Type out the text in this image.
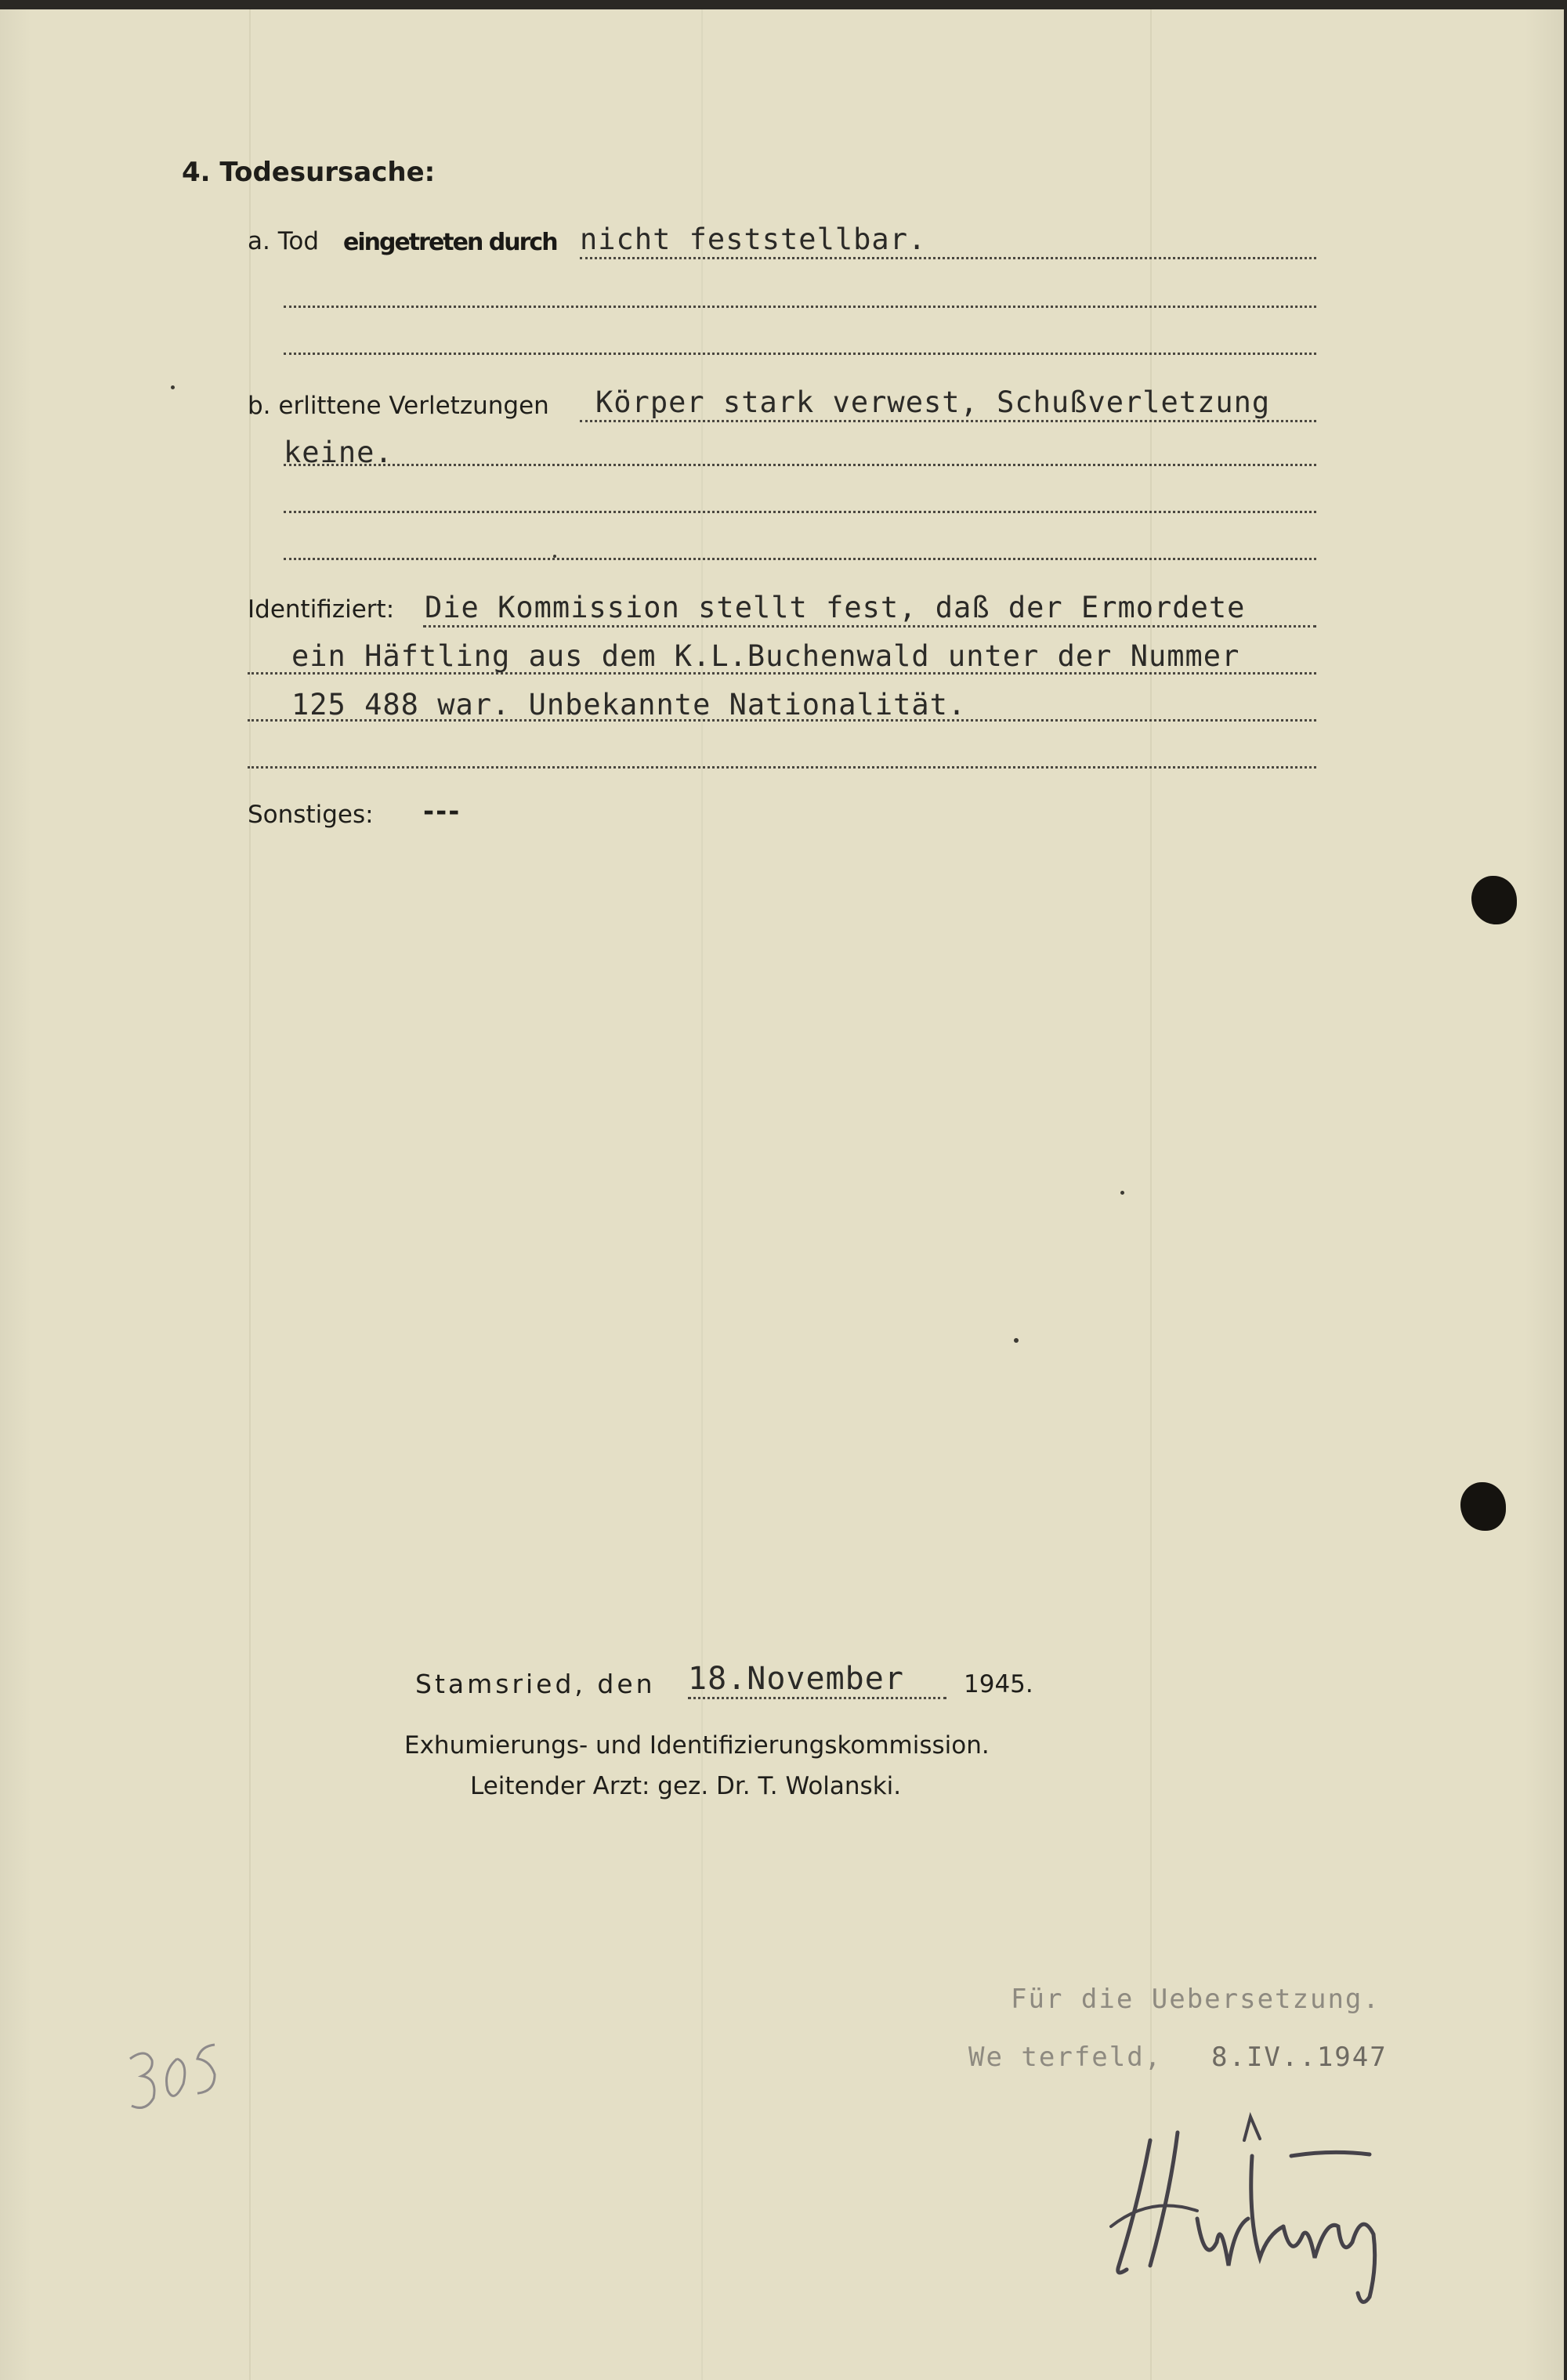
4. Todesursache:
a. Tod eingetreten durch nicht feststellbar.
b. erlittene Verletzungen Körper stark verwest, Schußverletzung
keine.
Identifiziert: Die Kommission stellt fest, daß der Ermordete
ein Häftling aus dem K.L.Buchenwald unter der Nummer
125 488 war. Unbekannte Nationalität.
Sonstiges: ---
Stamsried, den 18.November 1945.
Exhumierungs- und Identifizierungskommission.
Leitender Arzt: gez. Dr. T. Wolanski.
Für die Uebersetzung.
We terfeld, 8.IV..1947
